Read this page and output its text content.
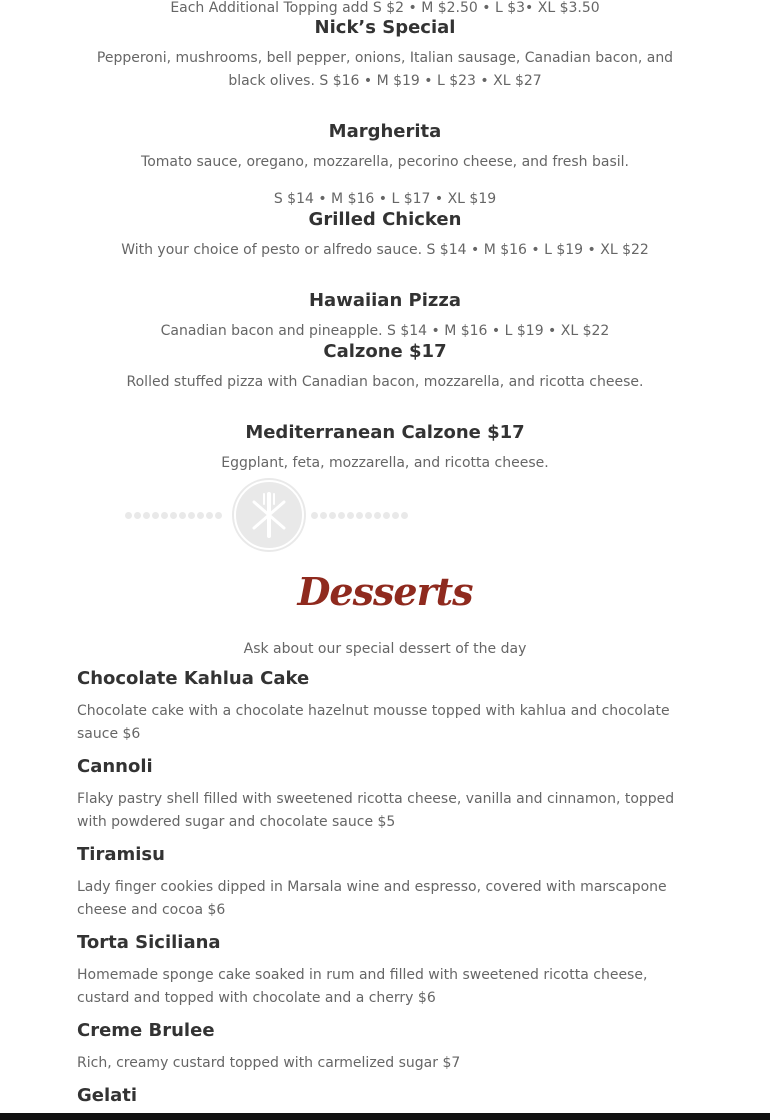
Each Additional Topping add S $2 • M $2.50 • L $3• XL $3.50
Nick’s Special
Pepperoni, mushrooms, bell pepper, onions, Italian sausage, Canadian bacon, and black olives. S $16 • M $19 • L $23 • XL $27
Margherita
Tomato sauce, oregano, mozzarella, pecorino cheese, and fresh basil.
S $14 • M $16 • L $17 • XL $19
Grilled Chicken
With your choice of pesto or alfredo sauce. S $14 • M $16 • L $19 • XL $22
Hawaiian Pizza
Canadian bacon and pineapple. S $14 • M $16 • L $19 • XL $22
Calzone $17
Rolled stuffed pizza with Canadian bacon, mozzarella, and ricotta cheese.
Mediterranean Calzone $17
Eggplant, feta, mozzarella, and ricotta cheese.
Desserts
Ask about our special dessert of the day
Chocolate Kahlua Cake
Chocolate cake with a chocolate hazelnut mousse topped with kahlua and chocolate sauce $6
Cannoli
Flaky pastry shell filled with sweetened ricotta cheese, vanilla and cinnamon, topped with powdered sugar and chocolate sauce $5
Tiramisu
Lady finger cookies dipped in Marsala wine and espresso, covered with marscapone cheese and cocoa $6
Torta Siciliana
Homemade sponge cake soaked in rum and filled with sweetened ricotta cheese, custard and topped with chocolate and a cherry $6
Creme Brulee
Rich, creamy custard topped with carmelized sugar $7
Gelati
